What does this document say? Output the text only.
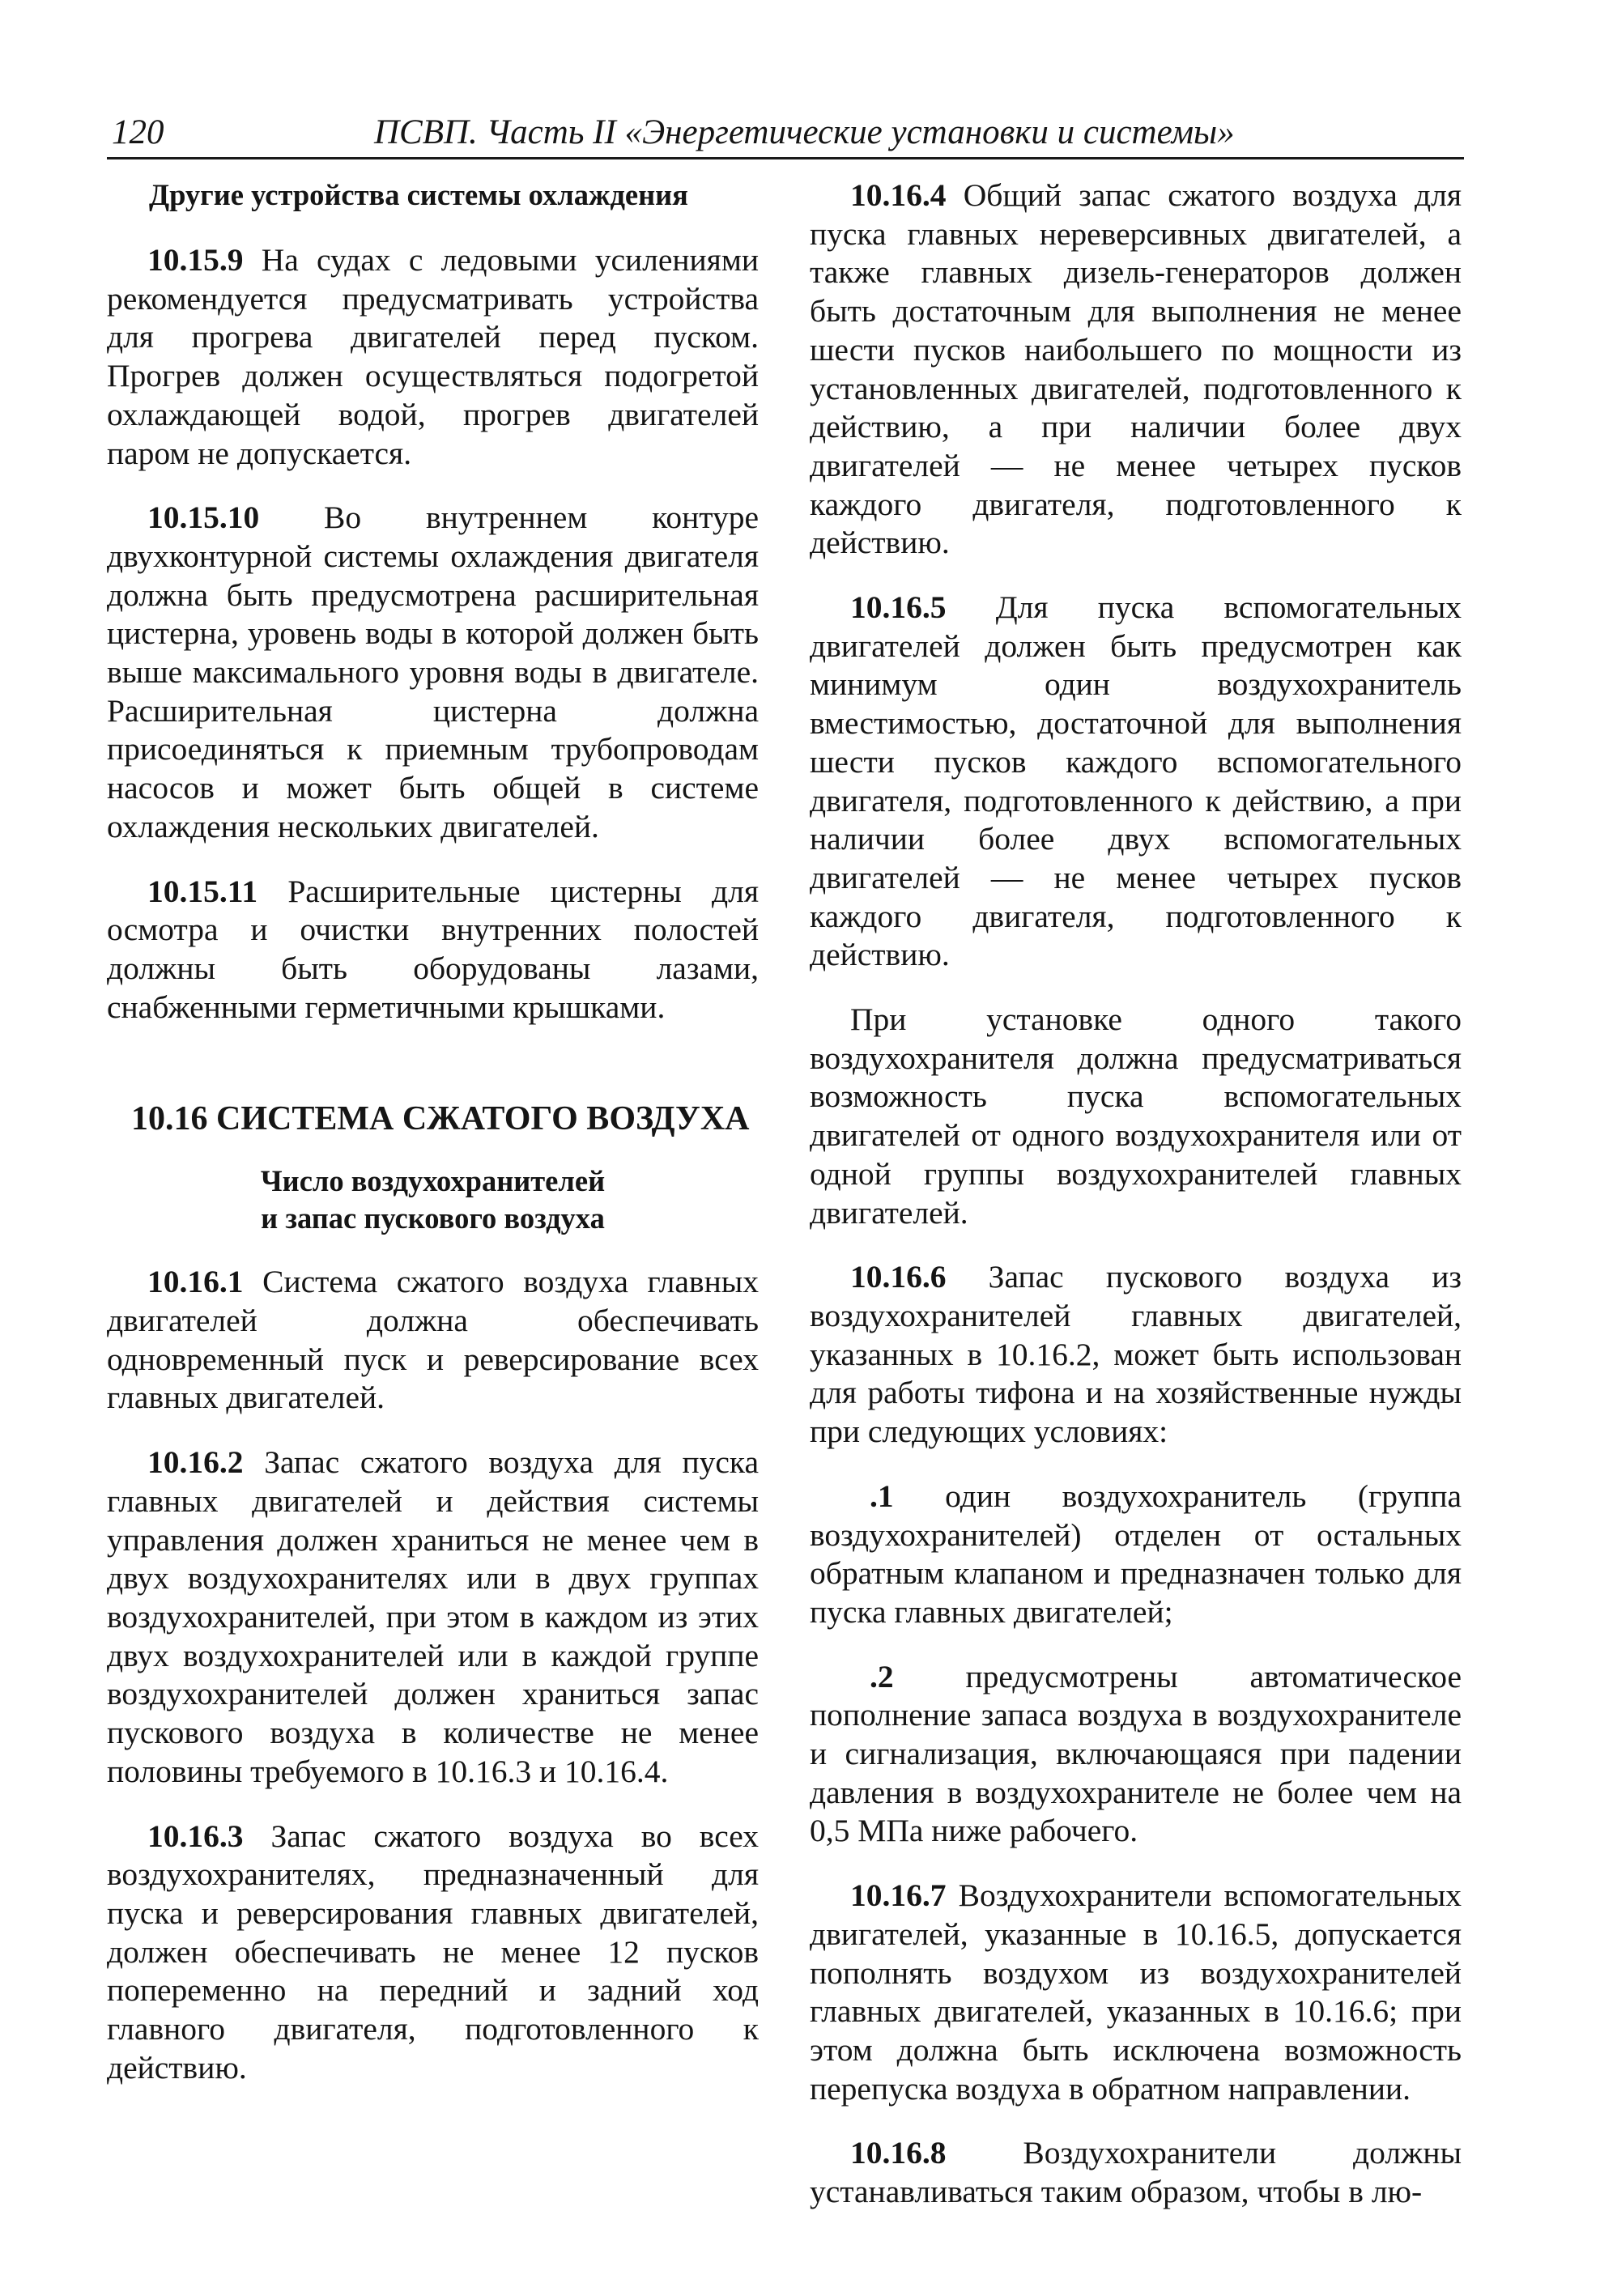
120	ПСВП. Часть II «Энергетические установки и системы»
Другие устройства системы охлаждения

10.15.9 На судах с ледовыми усилениями рекомендуется предусматривать устройства для прогрева двигателей перед пуском. Прогрев должен осуществляться подогретой охлаждающей водой, прогрев двигателей паром не допускается.

10.15.10 Во внутреннем контуре двухконтурной системы охлаждения двигателя должна быть предусмотрена расширительная цистерна, уровень воды в которой должен быть выше максимального уровня воды в двигателе. Расширительная цистерна должна присоединяться к приемным трубопроводам насосов и может быть общей в системе охлаждения нескольких двигателей.

10.15.11 Расширительные цистерны для осмотра и очистки внутренних полостей должны быть оборудованы лазами, снабженными герметичными крышками.

10.16 СИСТЕМА СЖАТОГО ВОЗДУХА
Число воздухохранителей
и запас пускового воздуха

10.16.1 Система сжатого воздуха главных двигателей должна обеспечивать одновременный пуск и реверсирование всех главных двигателей.

10.16.2 Запас сжатого воздуха для пуска главных двигателей и действия системы управления должен храниться не менее чем в двух воздухохранителях или в двух группах воздухохранителей, при этом в каждом из этих двух воздухохранителей или в каждой группе воздухохранителей должен храниться запас пускового воздуха в количестве не менее половины требуемого в 10.16.3 и 10.16.4.

10.16.3 Запас сжатого воздуха во всех воздухохранителях, предназначенный для пуска и реверсирования главных двигателей, должен обеспечивать не менее 12 пусков попеременно на передний и задний ход главного двигателя, подготовленного к действию.

10.16.4 Общий запас сжатого воздуха для пуска главных нереверсивных двигателей, а также главных дизель-генераторов должен быть достаточным для выполнения не менее шести пусков наибольшего по мощности из установленных двигателей, подготовленного к действию, а при наличии более двух двигателей — не менее четырех пусков каждого двигателя, подготовленного к действию.

10.16.5 Для пуска вспомогательных двигателей должен быть предусмотрен как минимум один воздухохранитель вместимостью, достаточной для выполнения шести пусков каждого вспомогательного двигателя, подготовленного к действию, а при наличии более двух вспомогательных двигателей — не менее четырех пусков каждого двигателя, подготовленного к действию.

При установке одного такого воздухохранителя должна предусматриваться возможность пуска вспомогательных двигателей от одного воздухохранителя или от одной группы воздухохранителей главных двигателей.

10.16.6 Запас пускового воздуха из воздухохранителей главных двигателей, указанных в 10.16.2, может быть использован для работы тифона и на хозяйственные нужды при следующих условиях:

.1 один воздухохранитель (группа воздухохранителей) отделен от остальных обратным клапаном и предназначен только для пуска главных двигателей;

.2 предусмотрены автоматическое пополнение запаса воздуха в воздухохранителе и сигнализация, включающаяся при падении давления в воздухохранителе не более чем на 0,5 МПа ниже рабочего.

10.16.7 Воздухохранители вспомогательных двигателей, указанные в 10.16.5, допускается пополнять воздухом из воздухохранителей главных двигателей, указанных в 10.16.6; при этом должна быть исключена возможность перепуска воздуха в обратном направлении.

10.16.8 Воздухохранители должны устанавливаться таким образом, чтобы в лю-
